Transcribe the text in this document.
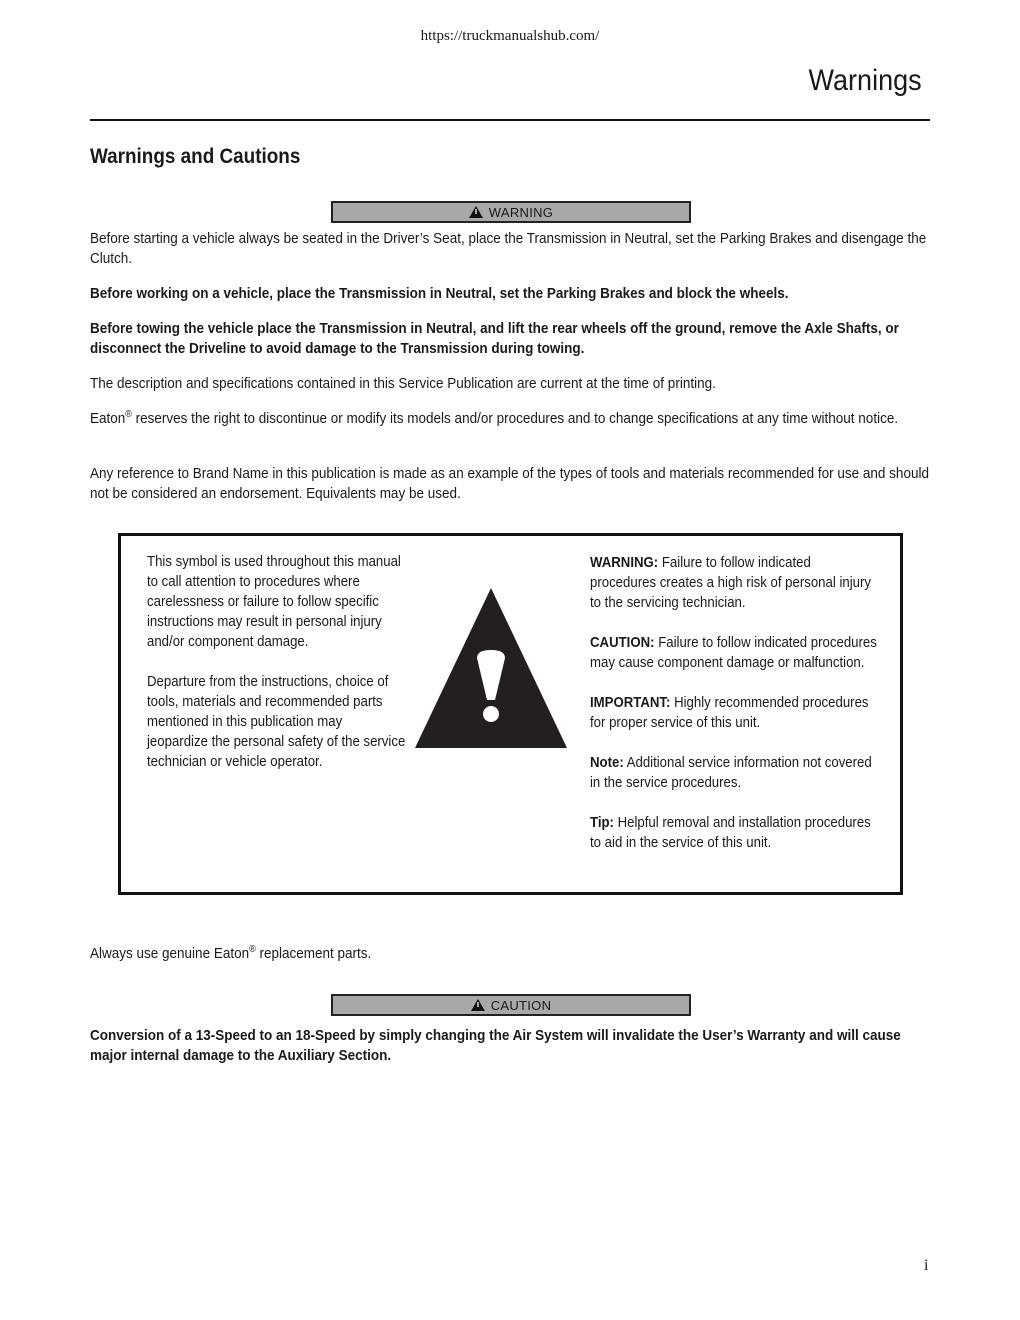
https://truckmanualshub.com/
Warnings
Warnings and Cautions
WARNING

Before starting a vehicle always be seated in the Driver’s Seat, place the Transmission in Neutral, set the Parking Brakes and disengage the Clutch.

Before working on a vehicle, place the Transmission in Neutral, set the Parking Brakes and block the wheels.

Before towing the vehicle place the Transmission in Neutral, and lift the rear wheels off the ground, remove the Axle Shafts, or disconnect the Driveline to avoid damage to the Transmission during towing.

The description and specifications contained in this Service Publication are current at the time of printing.

Eaton® reserves the right to discontinue or modify its models and/or procedures and to change specifications at any time without notice.

Any reference to Brand Name in this publication is made as an example of the types of tools and materials recommended for use and should not be considered an endorsement. Equivalents may be used.

This symbol is used throughout this manual to call attention to procedures where carelessness or failure to follow specific instructions may result in personal injury and/or component damage.

Departure from the instructions, choice of tools, materials and recommended parts mentioned in this publication may jeopardize the personal safety of the service technician or vehicle operator.

WARNING: Failure to follow indicated procedures creates a high risk of personal injury to the servicing technician.

CAUTION: Failure to follow indicated procedures may cause component damage or malfunction.

IMPORTANT: Highly recommended procedures for proper service of this unit.

Note: Additional service information not covered in the service procedures.

Tip: Helpful removal and installation procedures to aid in the service of this unit.

Always use genuine Eaton® replacement parts.

CAUTION

Conversion of a 13-Speed to an 18-Speed by simply changing the Air System will invalidate the User’s Warranty and will cause major internal damage to the Auxiliary Section.

i
